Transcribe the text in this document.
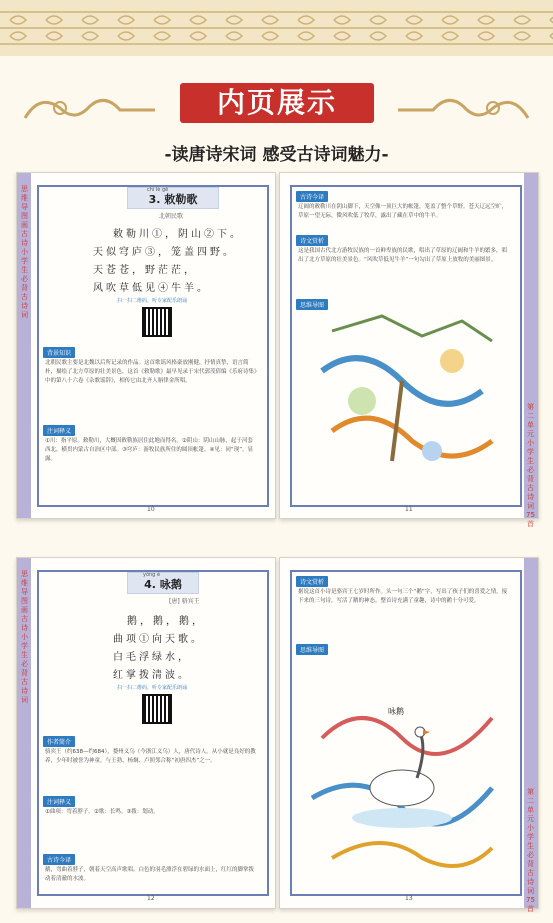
内页展示
-读唐诗宋词 感受古诗词魅力-
思维导图画古诗 小学生必背古诗词
3. 敕勒歌
chì lè gē
北朝民歌
敕勒川①，阴山②下。
天似穹庐③，笼盖四野。
天苍苍，野茫茫，
风吹草低见④牛羊。
扫一扫二维码，听专家配乐朗诵
背景知识
北朝民歌主要是北魏以后所记录的作品。这首歌谣风格豪放刚健，抒情真挚，语言简朴，描绘了北方草原的壮美景色。这首《敕勒歌》最早见录于宋代郭茂倩编《乐府诗集》中的第八十六卷《杂歌谣辞》，相传它由北齐人斛律金所唱。
注词释义
①川：指平原。敕勒川，大概因敕勒族居住此地而得名。②阴山：阴山山脉，起于河套西北，横贯内蒙古自治区中部。③穹庐：游牧民族所住的圆顶帐篷。④见：同“现”，显露。
10
第二单元 小学生必背古诗词75首
古诗今译
辽阔的敕勒川在阴山脚下，天空像一顶巨大的帐篷，笼盖了整个草野。苍天辽远空旷，草原一望无际，微风吹低了牧草，露出了藏在草中的牛羊。
诗文赏析
这是我国古代北方游牧民族的一首鲜卑族的民歌，唱出了草原的辽阔和牛羊的繁多，唱出了北方草原的壮美景色。“风吹草低见牛羊”一句勾出了草原上放牧的美丽图景。
思维导图
11
思维导图画古诗 小学生必背古诗词
4. 咏鹅
yǒng é
[唐] 骆宾王
鹅，鹅，鹅，
曲项①向天歌。
白毛浮绿水，
红掌拨清波。
扫一扫二维码，听专家配乐朗诵
作者简介
骆宾王（约638—约684），婺州义乌（今浙江义乌）人，唐代诗人。从小就是良好的教养，少年时被誉为神童，与王勃、杨炯、卢照邻合称“初唐四杰”之一。
注词释义
①曲项：弯着脖子。②歌：长鸣。③拨：划动。
古诗今译
鹅，弯曲着脖子，朝着天空高声歌唱。白色的羽毛漂浮在碧绿的水面上，红红的脚掌拨动着清澈的水波。
12
第二单元 小学生必背古诗词75首
诗文赏析
据说这首小诗是骆宾王七岁时所作。头一句三个“鹅”字，写出了孩子们的喜爱之情。接下来的三句诗，写活了鹅的神态。整首诗充满了童趣，诗中的鹅十分可爱。
思维导图
咏鹅
13
